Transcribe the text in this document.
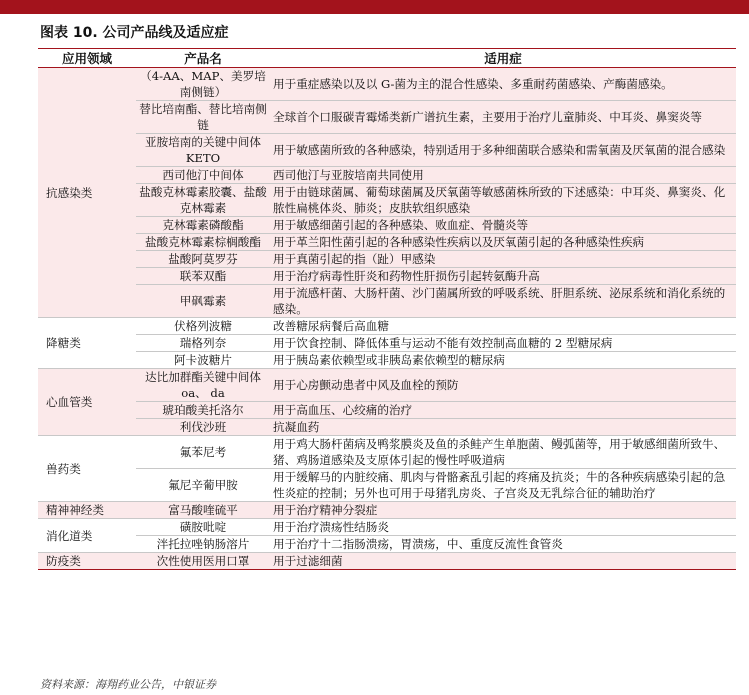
图表 10. 公司产品线及适应症
应用领域	产品名	适用症
抗感染类	（4-AA、MAP、美罗培南侧链）	用于重症感染以及以 G-菌为主的混合性感染、多重耐药菌感染、产酶菌感染。
	替比培南酯、替比培南侧链	全球首个口服碳青霉烯类新广谱抗生素，主要用于治疗儿童肺炎、中耳炎、鼻窦炎等
	亚胺培南的关键中间体 KETO	用于敏感菌所致的各种感染，特别适用于多种细菌联合感染和需氧菌及厌氧菌的混合感染
	西司他汀中间体	西司他汀与亚胺培南共同使用
	盐酸克林霉素胶囊、盐酸克林霉素	用于由链球菌属、葡萄球菌属及厌氧菌等敏感菌株所致的下述感染：中耳炎、鼻窦炎、化脓性扁桃体炎、肺炎；皮肤软组织感染
	克林霉素磷酸酯	用于敏感细菌引起的各种感染、败血症、骨髓炎等
	盐酸克林霉素棕榈酸酯	用于革兰阳性菌引起的各种感染性疾病以及厌氧菌引起的各种感染性疾病
	盐酸阿莫罗芬	用于真菌引起的指（趾）甲感染
	联苯双酯	用于治疗病毒性肝炎和药物性肝损伤引起转氨酶升高
	甲砜霉素	用于流感杆菌、大肠杆菌、沙门菌属所致的呼吸系统、肝胆系统、泌尿系统和消化系统的感染。
降糖类	伏格列波糖	改善糖尿病餐后高血糖
	瑞格列奈	用于饮食控制、降低体重与运动不能有效控制高血糖的 2 型糖尿病
	阿卡波糖片	用于胰岛素依赖型或非胰岛素依赖型的糖尿病
心血管类	达比加群酯关键中间体 oa、 da	用于心房颤动患者中风及血栓的预防
	琥珀酸美托洛尔	用于高血压、心绞痛的治疗
	利伐沙班	抗凝血药
兽药类	氟苯尼考	用于鸡大肠杆菌病及鸭浆膜炎及鱼的杀鲑产生单胞菌、鳗弧菌等，用于敏感细菌所致牛、猪、鸡肠道感染及支原体引起的慢性呼吸道病
	氟尼辛葡甲胺	用于缓解马的内脏绞痛、肌肉与骨骼紊乱引起的疼痛及抗炎；牛的各种疾病感染引起的急性炎症的控制；另外也可用于母猪乳房炎、子宫炎及无乳综合征的辅助治疗
精神神经类	富马酸喹硫平	用于治疗精神分裂症
消化道类	磺胺吡啶	用于治疗溃疡性结肠炎
	泮托拉唑钠肠溶片	用于治疗十二指肠溃疡，胃溃疡，中、重度反流性食管炎
防疫类	次性使用医用口罩	用于过滤细菌
资料来源：海翔药业公告，中银证券
